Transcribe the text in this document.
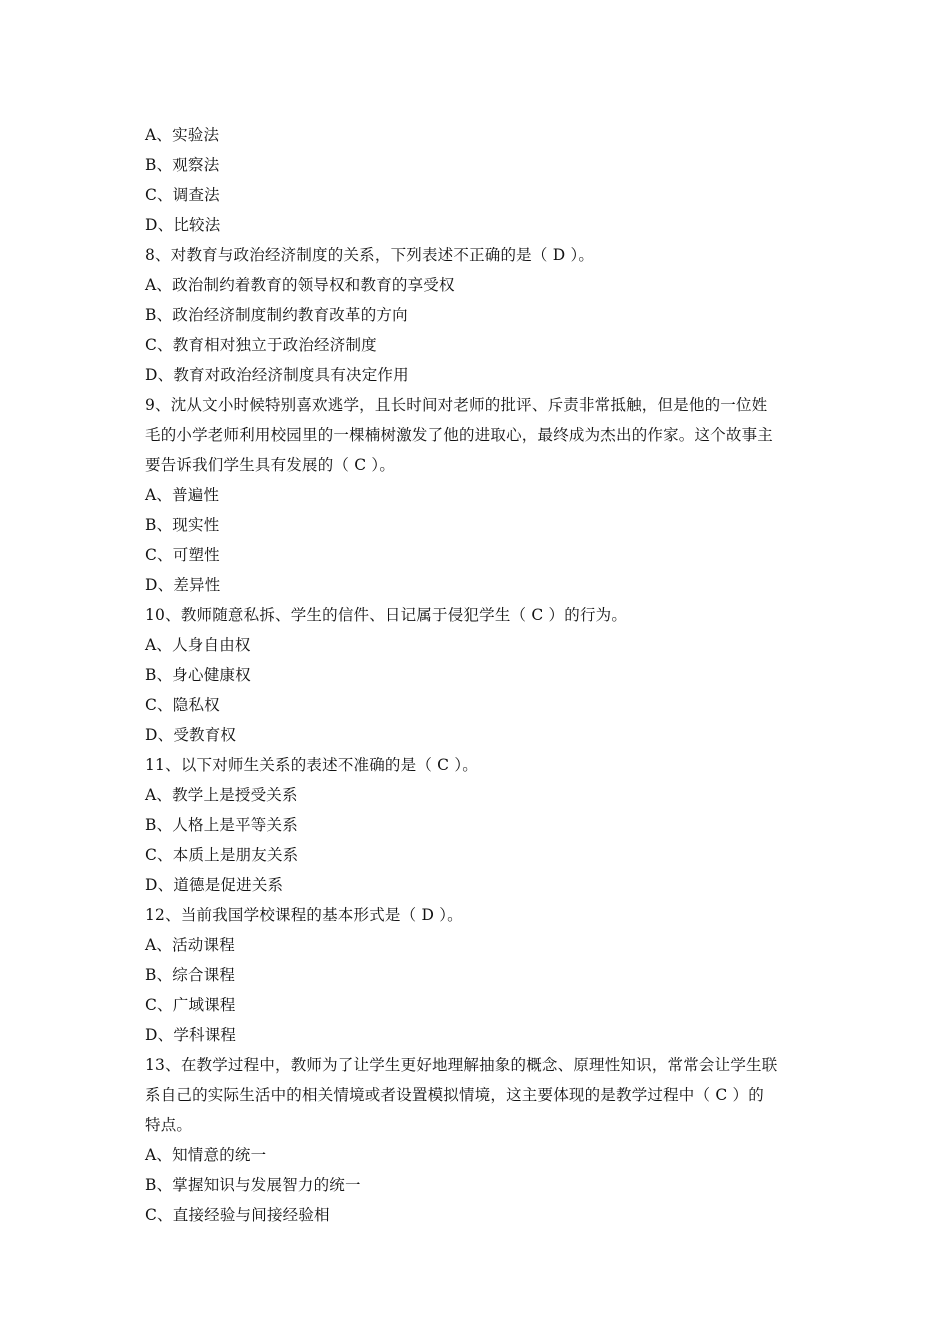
A、实验法
B、观察法
C、调查法
D、比较法
8、对教育与政治经济制度的关系，下列表述不正确的是（ D ）。
A、政治制约着教育的领导权和教育的享受权
B、政治经济制度制约教育改革的方向
C、教育相对独立于政治经济制度
D、教育对政治经济制度具有决定作用
9、沈从文小时候特别喜欢逃学，且长时间对老师的批评、斥责非常抵触，但是他的一位姓
毛的小学老师利用校园里的一棵楠树激发了他的进取心，最终成为杰出的作家。这个故事主
要告诉我们学生具有发展的（ C ）。
A、普遍性
B、现实性
C、可塑性
D、差异性
10、教师随意私拆、学生的信件、日记属于侵犯学生（ C ）的行为。
A、人身自由权
B、身心健康权
C、隐私权
D、受教育权
11、以下对师生关系的表述不准确的是（ C ）。
A、教学上是授受关系
B、人格上是平等关系
C、本质上是朋友关系
D、道德是促进关系
12、当前我国学校课程的基本形式是（ D ）。
A、活动课程
B、综合课程
C、广域课程
D、学科课程
13、在教学过程中，教师为了让学生更好地理解抽象的概念、原理性知识，常常会让学生联
系自己的实际生活中的相关情境或者设置模拟情境，这主要体现的是教学过程中（ C ）的
特点。
A、知情意的统一
B、掌握知识与发展智力的统一
C、直接经验与间接经验相
